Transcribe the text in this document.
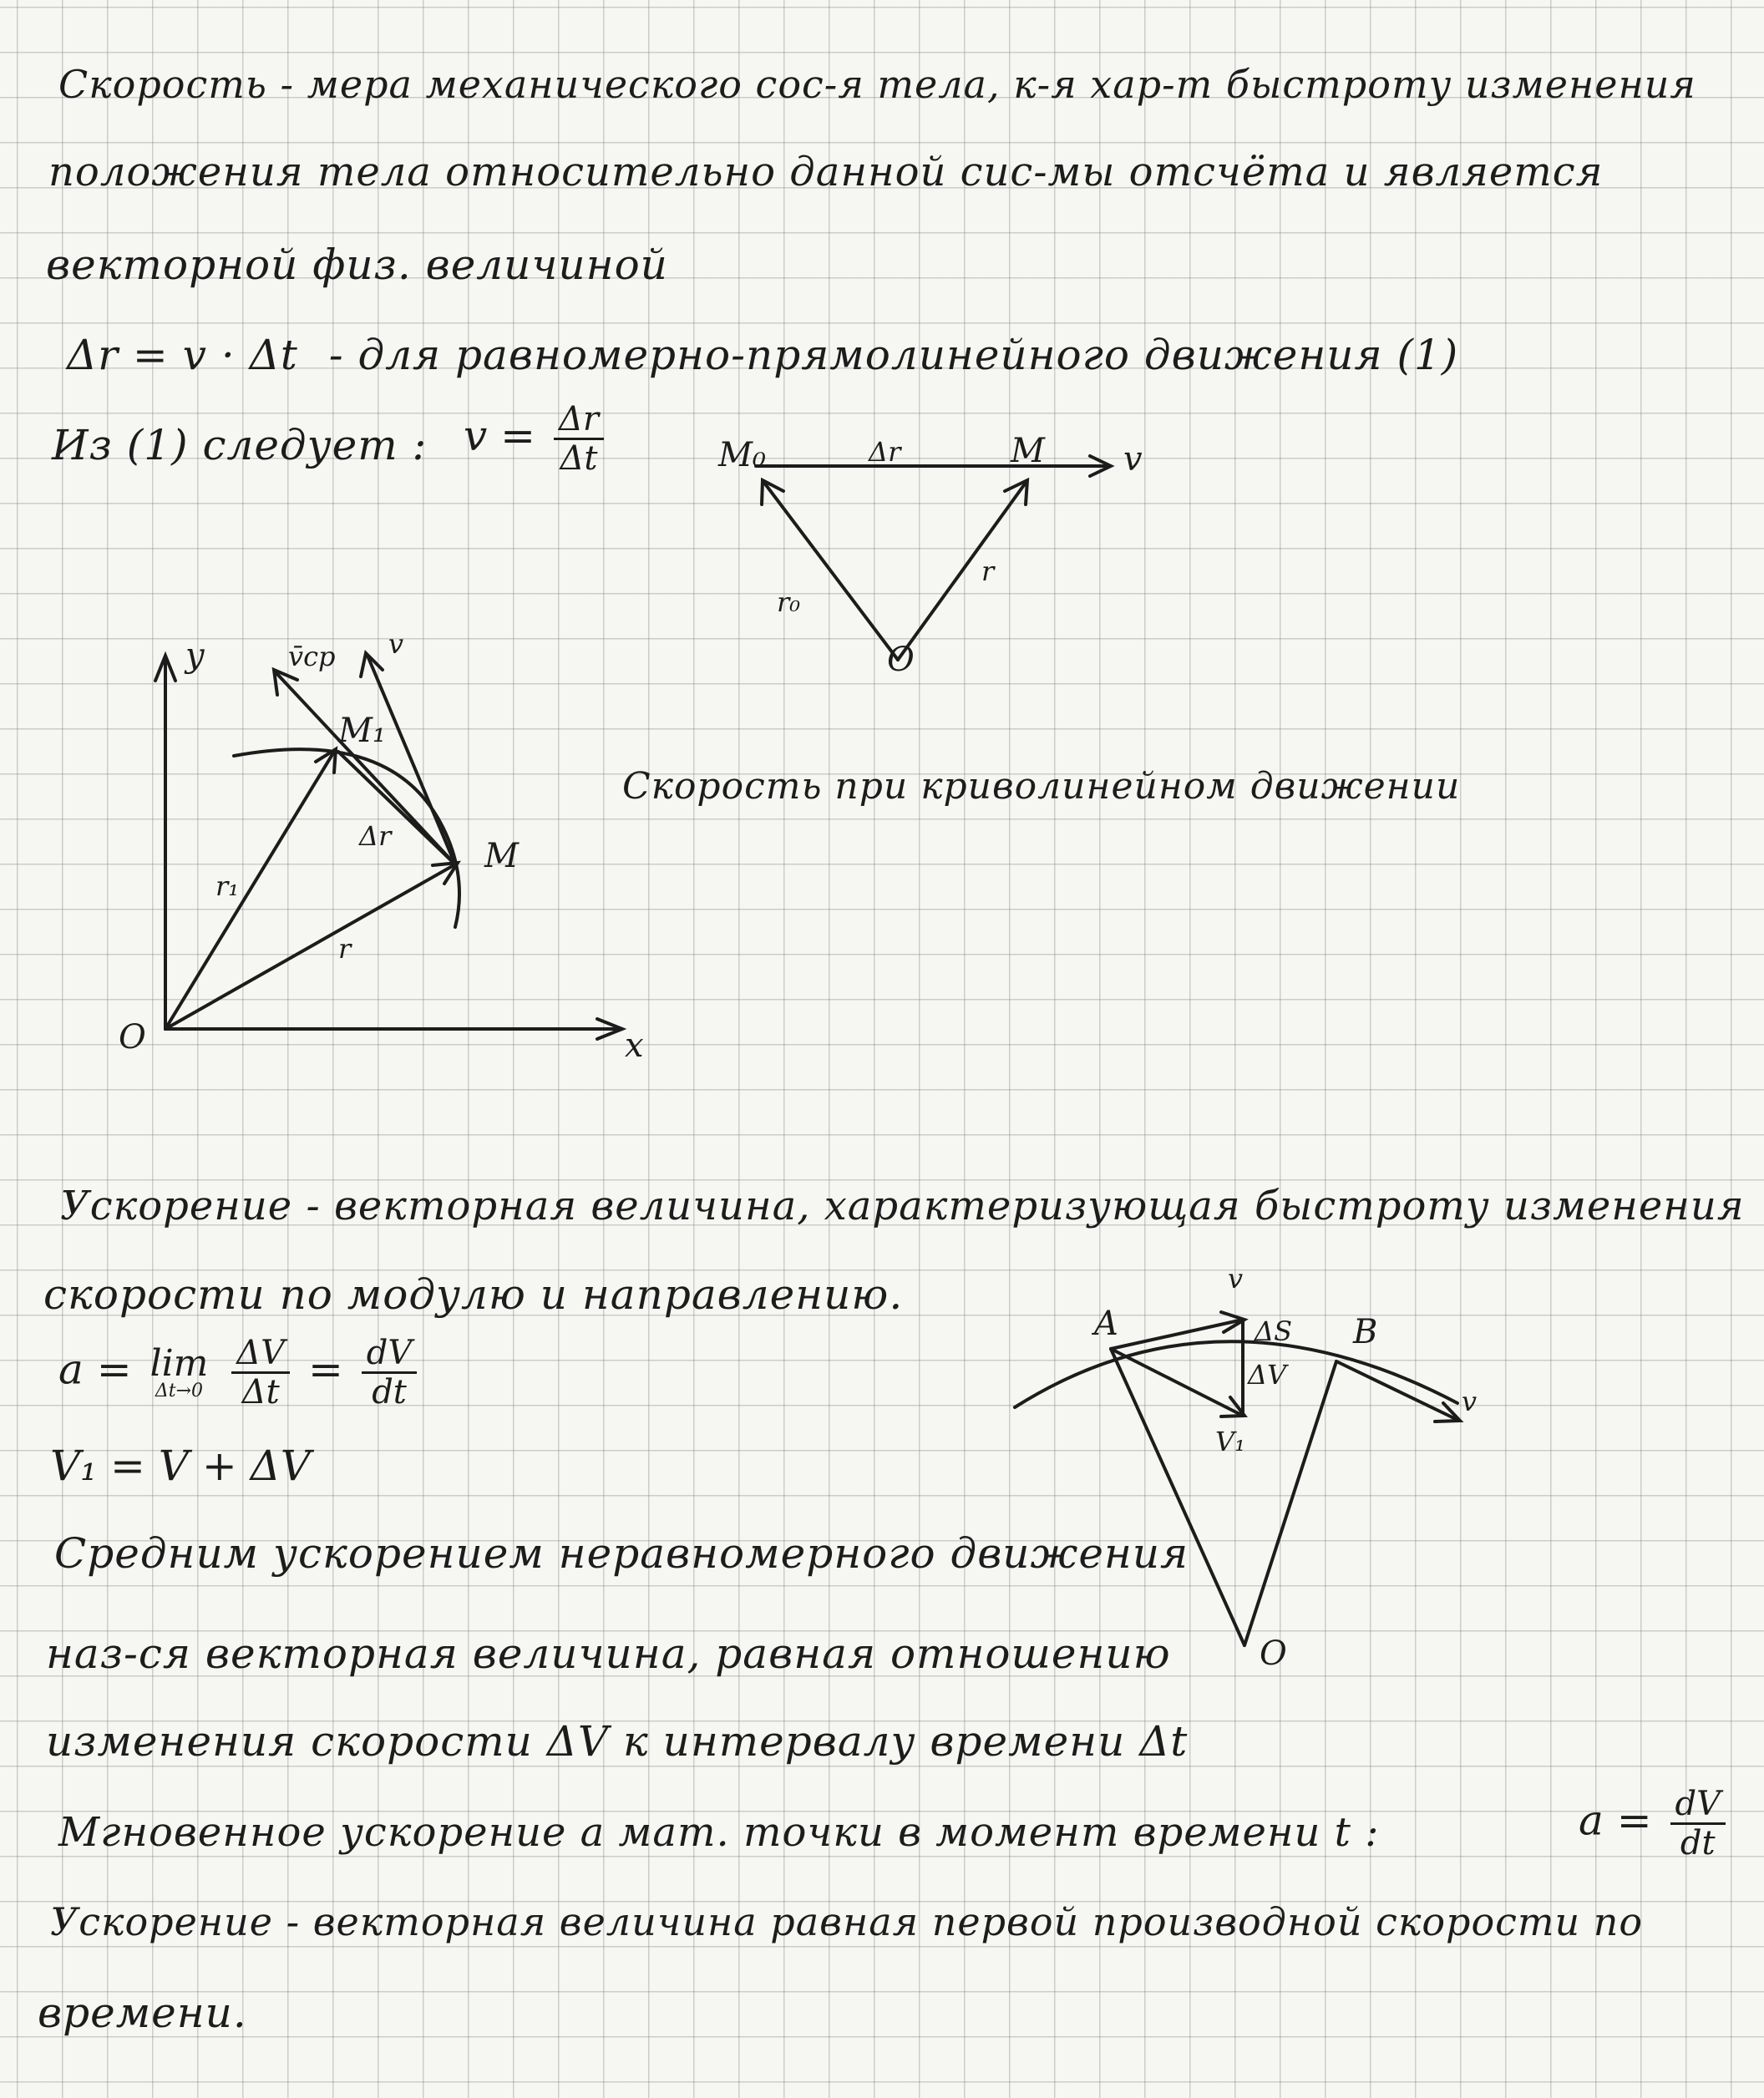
Скорость - мера механического сос-я тела, к-я хар-т быстроту изменения
положения тела относительно данной сис-мы отсчёта и является
векторной физ. величиной
Δr = v · Δt - для равномерно-прямолинейного движения (1)
Из (1) следует : $v = \frac{\Delta r}{\Delta t}$	M₀	Δr	M v
r₀
r
O
y	v̄ср v
M₁
Δr
M
r₁
r
O	x
Скорость при криволинейном движении
Ускорение - векторная величина, характеризующая быстроту изменения
скорости по модулю и направлению.
a = lim
Δt→0
$\frac{\Delta V}{\Delta t} = \frac{dV}{dt}$
V₁ = V + ΔV
A
v
ΔS B
ΔV
V₁
v
O
Средним ускорением неравномерного движения
наз-ся векторная величина, равная отношению
изменения скорости ΔV к интервалу времени Δt
Мгновенное ускорение a мат. точки в момент времени t :	$a = \frac{dV}{dt}$
Ускорение - векторная величина равная первой производной скорости по
времени.
